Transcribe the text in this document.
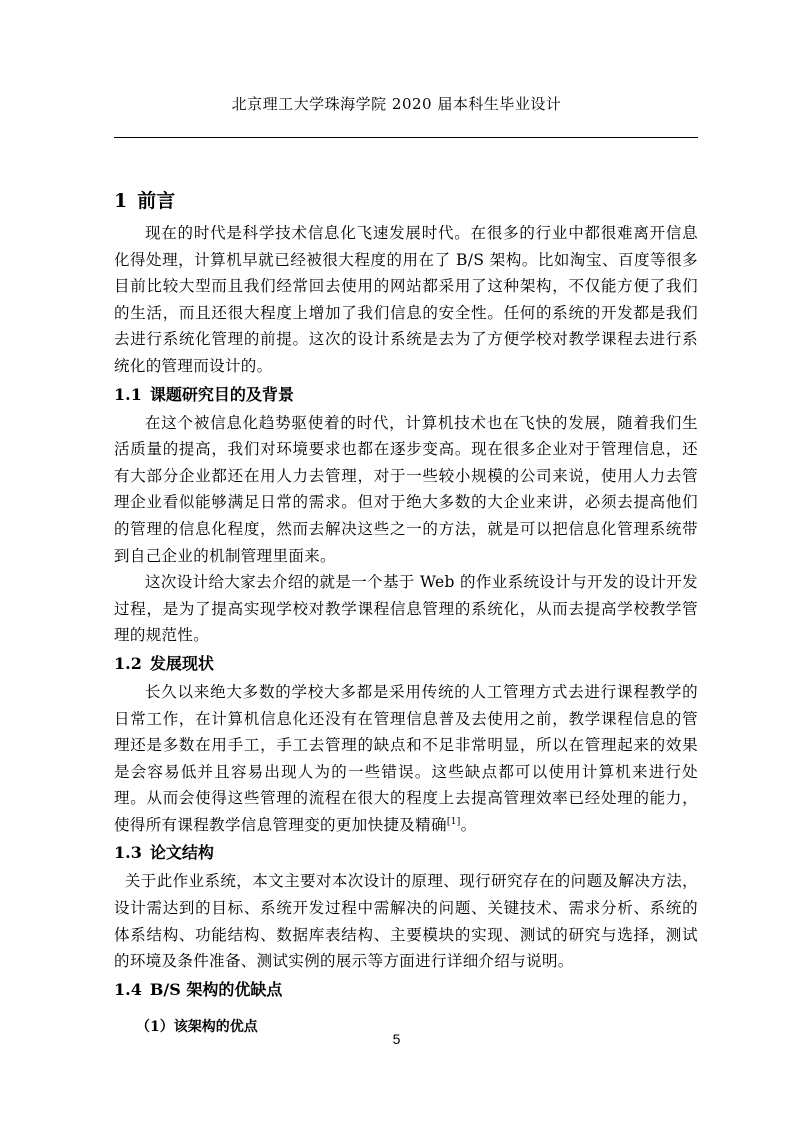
北京理工大学珠海学院 2020 届本科生毕业设计
1 前言

现在的时代是科学技术信息化飞速发展时代。在很多的行业中都很难离开信息化得处理，计算机早就已经被很大程度的用在了 B/S 架构。比如淘宝、百度等很多目前比较大型而且我们经常回去使用的网站都采用了这种架构，不仅能方便了我们的生活，而且还很大程度上增加了我们信息的安全性。任何的系统的开发都是我们去进行系统化管理的前提。这次的设计系统是去为了方便学校对教学课程去进行系统化的管理而设计的。

1.1 课题研究目的及背景

在这个被信息化趋势驱使着的时代，计算机技术也在飞快的发展，随着我们生活质量的提高，我们对环境要求也都在逐步变高。现在很多企业对于管理信息，还有大部分企业都还在用人力去管理，对于一些较小规模的公司来说，使用人力去管理企业看似能够满足日常的需求。但对于绝大多数的大企业来讲，必须去提高他们的管理的信息化程度，然而去解决这些之一的方法，就是可以把信息化管理系统带到自己企业的机制管理里面来。

这次设计给大家去介绍的就是一个基于 Web 的作业系统设计与开发的设计开发过程，是为了提高实现学校对教学课程信息管理的系统化，从而去提高学校教学管理的规范性。

1.2 发展现状

长久以来绝大多数的学校大多都是采用传统的人工管理方式去进行课程教学的日常工作，在计算机信息化还没有在管理信息普及去使用之前，教学课程信息的管理还是多数在用手工，手工去管理的缺点和不足非常明显，所以在管理起来的效果是会容易低并且容易出现人为的一些错误。这些缺点都可以使用计算机来进行处理。从而会使得这些管理的流程在很大的程度上去提高管理效率已经处理的能力，使得所有课程教学信息管理变的更加快捷及精确[1]。

1.3 论文结构

关于此作业系统，本文主要对本次设计的原理、现行研究存在的问题及解决方法，设计需达到的目标、系统开发过程中需解决的问题、关键技术、需求分析、系统的体系结构、功能结构、数据库表结构、主要模块的实现、测试的研究与选择，测试的环境及条件准备、测试实例的展示等方面进行详细介绍与说明。

1.4 B/S 架构的优缺点
（1）该架构的优点
5
